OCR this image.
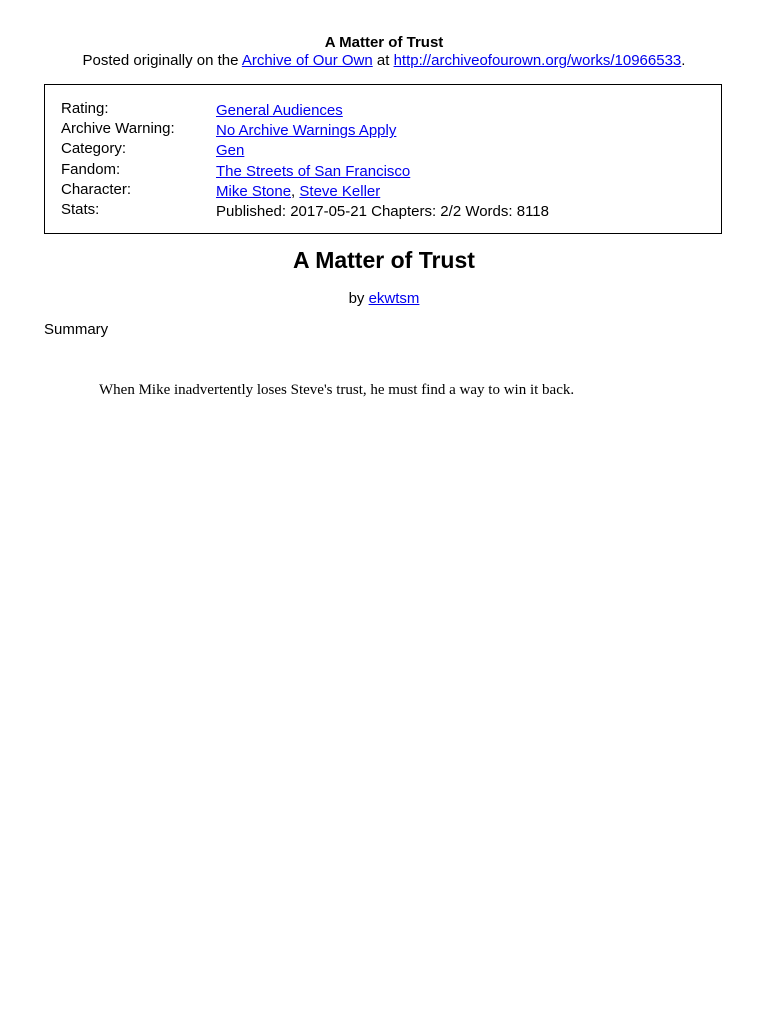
A Matter of Trust
Posted originally on the Archive of Our Own at http://archiveofourown.org/works/10966533.
Rating:
Archive Warning:
Category:
Fandom:
Character:
Stats:
General Audiences
No Archive Warnings Apply
Gen
The Streets of San Francisco
Mike Stone, Steve Keller
Published: 2017-05-21 Chapters: 2/2 Words: 8118
A Matter of Trust
by ekwtsm
Summary
When Mike inadvertently loses Steve's trust, he must find a way to win it back.
